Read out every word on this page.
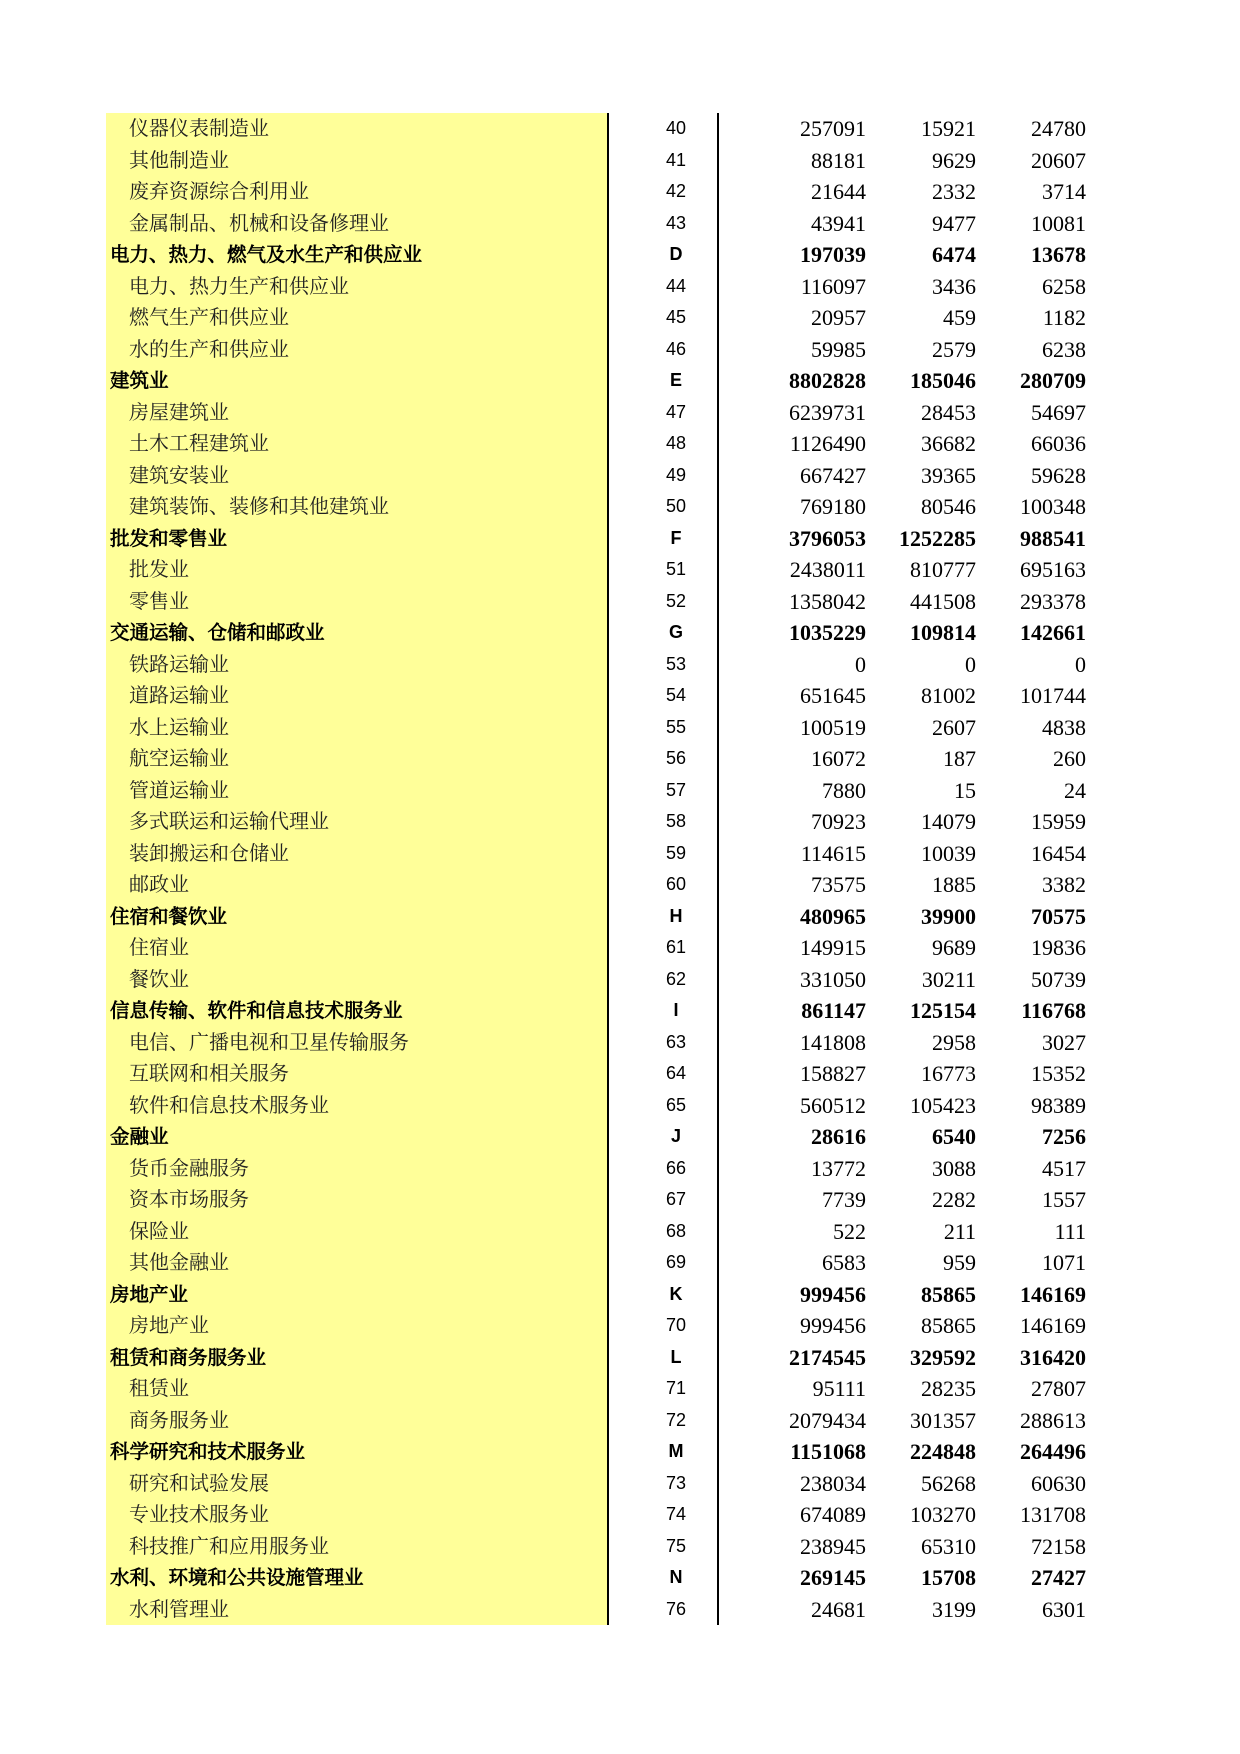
仪器仪表制造业	40	257091	15921	24780
其他制造业	41	88181	9629	20607
废弃资源综合利用业	42	21644	2332	3714
金属制品、机械和设备修理业	43	43941	9477	10081
电力、热力、燃气及水生产和供应业	D	197039	6474	13678
电力、热力生产和供应业	44	116097	3436	6258
燃气生产和供应业	45	20957	459	1182
水的生产和供应业	46	59985	2579	6238
建筑业	E	8802828	185046	280709
房屋建筑业	47	6239731	28453	54697
土木工程建筑业	48	1126490	36682	66036
建筑安装业	49	667427	39365	59628
建筑装饰、装修和其他建筑业	50	769180	80546	100348
批发和零售业	F	3796053	1252285	988541
批发业	51	2438011	810777	695163
零售业	52	1358042	441508	293378
交通运输、仓储和邮政业	G	1035229	109814	142661
铁路运输业	53	0	0	0
道路运输业	54	651645	81002	101744
水上运输业	55	100519	2607	4838
航空运输业	56	16072	187	260
管道运输业	57	7880	15	24
多式联运和运输代理业	58	70923	14079	15959
装卸搬运和仓储业	59	114615	10039	16454
邮政业	60	73575	1885	3382
住宿和餐饮业	H	480965	39900	70575
住宿业	61	149915	9689	19836
餐饮业	62	331050	30211	50739
信息传输、软件和信息技术服务业	I	861147	125154	116768
电信、广播电视和卫星传输服务	63	141808	2958	3027
互联网和相关服务	64	158827	16773	15352
软件和信息技术服务业	65	560512	105423	98389
金融业	J	28616	6540	7256
货币金融服务	66	13772	3088	4517
资本市场服务	67	7739	2282	1557
保险业	68	522	211	111
其他金融业	69	6583	959	1071
房地产业	K	999456	85865	146169
房地产业	70	999456	85865	146169
租赁和商务服务业	L	2174545	329592	316420
租赁业	71	95111	28235	27807
商务服务业	72	2079434	301357	288613
科学研究和技术服务业	M	1151068	224848	264496
研究和试验发展	73	238034	56268	60630
专业技术服务业	74	674089	103270	131708
科技推广和应用服务业	75	238945	65310	72158
水利、环境和公共设施管理业	N	269145	15708	27427
水利管理业	76	24681	3199	6301
